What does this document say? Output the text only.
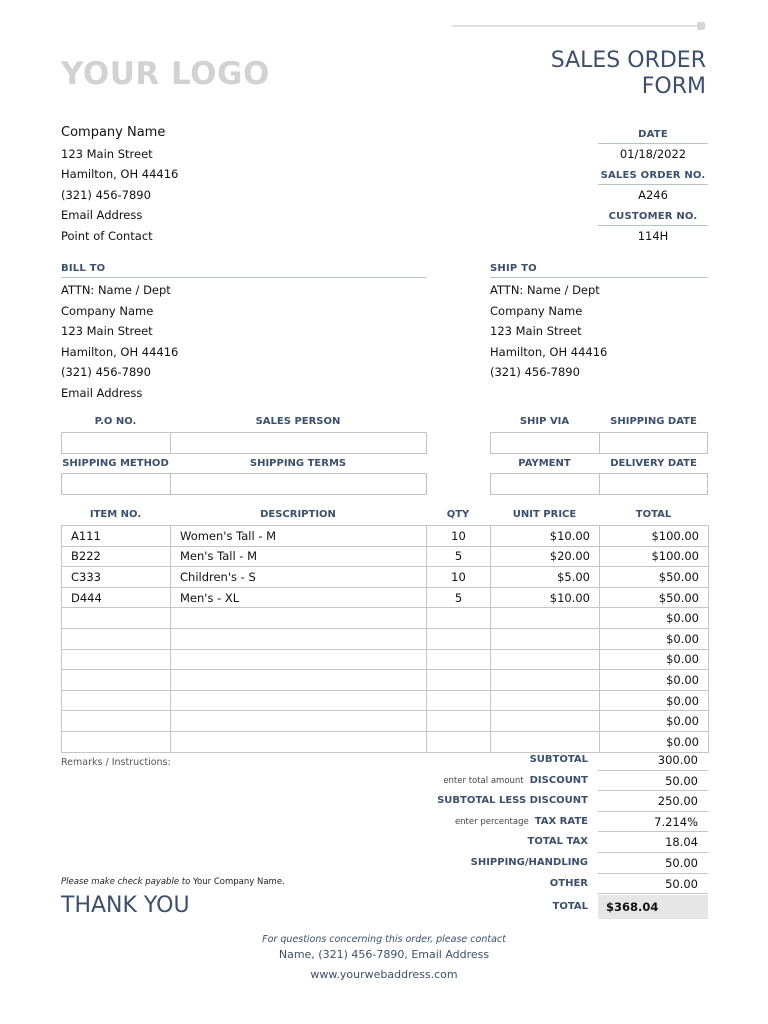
YOUR LOGO	SALES ORDER
FORM
Company Name
123 Main Street
Hamilton, OH 44416
(321) 456-7890
Email Address
Point of Contact
DATE
01/18/2022
SALES ORDER NO.
A246
CUSTOMER NO.
114H
BILL TO
ATTN: Name / Dept
Company Name
123 Main Street
Hamilton, OH 44416
(321) 456-7890
Email Address
SHIP TO
ATTN: Name / Dept
Company Name
123 Main Street
Hamilton, OH 44416
(321) 456-7890
P.O NO.	SALES PERSON	SHIP VIA	SHIPPING DATE
SHIPPING METHOD	SHIPPING TERMS	PAYMENT	DELIVERY DATE
ITEM NO.	DESCRIPTION	QTY	UNIT PRICE	TOTAL
A111	Women's Tall - M	10	$10.00	$100.00
B222	Men's Tall - M	5	$20.00	$100.00
C333	Children's - S	10	$5.00	$50.00
D444	Men's - XL	5	$10.00	$50.00
				$0.00
				$0.00
				$0.00
				$0.00
				$0.00
				$0.00
				$0.00
Remarks / Instructions:	SUBTOTAL	300.00
enter total amount DISCOUNT	50.00
SUBTOTAL LESS DISCOUNT	250.00
enter percentage TAX RATE	7.214%
TOTAL TAX	18.04
SHIPPING/HANDLING	50.00
OTHER	50.00
TOTAL	$368.04
Please make check payable to Your Company Name.
THANK YOU
For questions concerning this order, please contact
Name, (321) 456-7890, Email Address
www.yourwebaddress.com
